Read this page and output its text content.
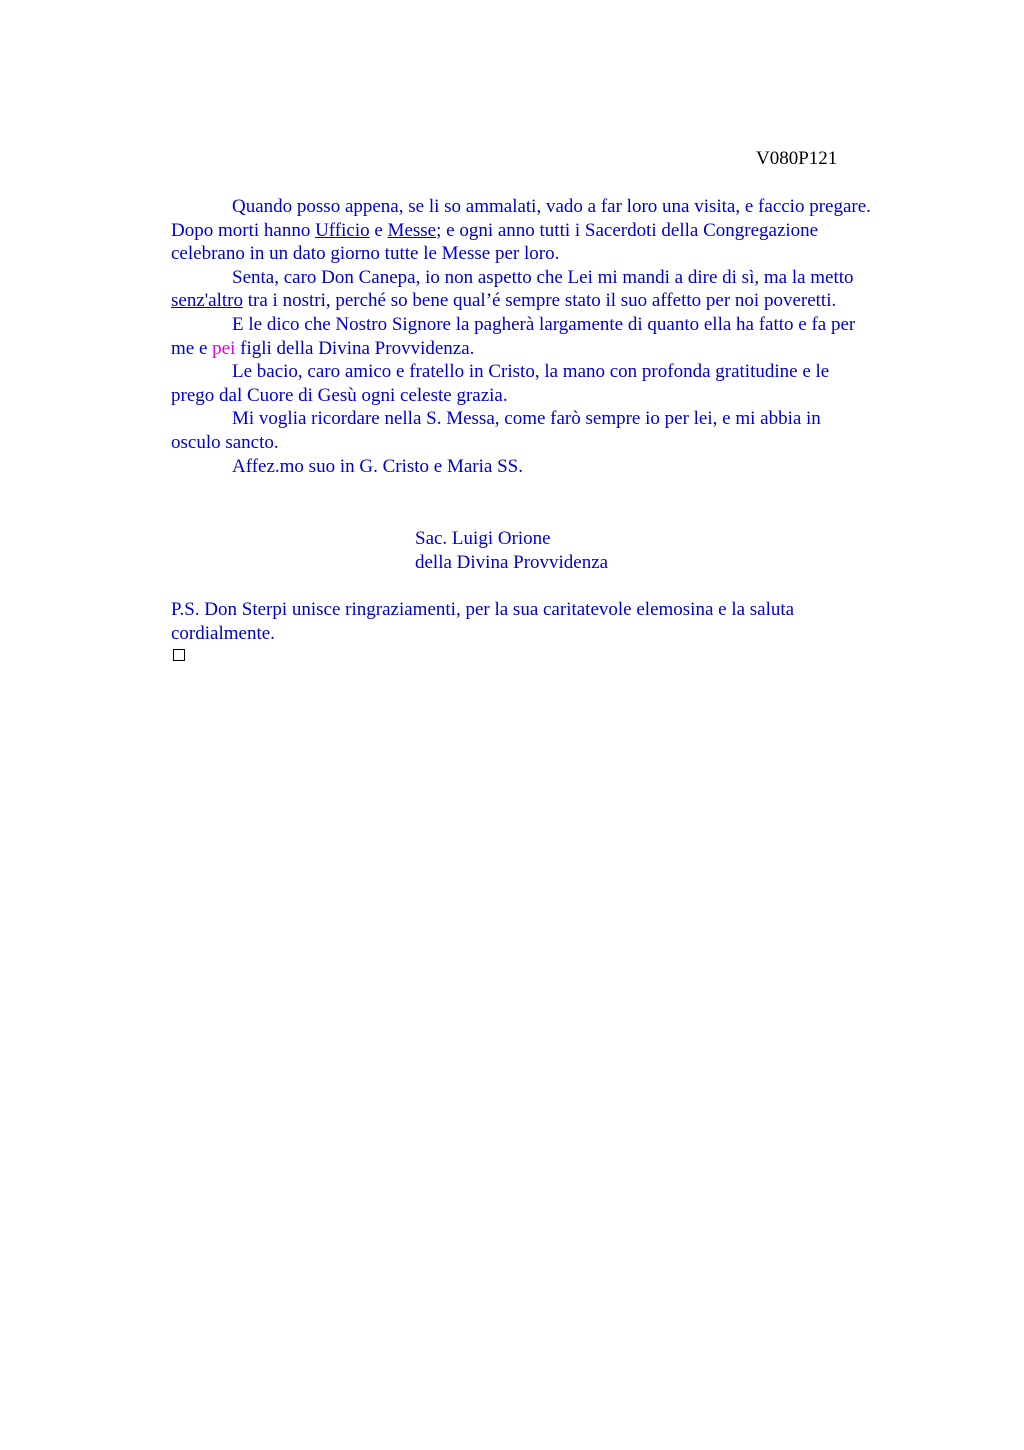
V080P121
Quando posso appena, se li so ammalati, vado a far loro una visita, e faccio pregare.
Dopo morti hanno Ufficio e Messe; e ogni anno tutti i Sacerdoti della Congregazione
celebrano in un dato giorno tutte le Messe per loro.
Senta, caro Don Canepa, io non aspetto che Lei mi mandi a dire di sì, ma la metto
senz'altro tra i nostri, perché so bene qual’é sempre stato il suo affetto per noi poveretti.
E le dico che Nostro Signore la pagherà largamente di quanto ella ha fatto e fa per
me e pei figli della Divina Provvidenza.
Le bacio, caro amico e fratello in Cristo, la mano con profonda gratitudine e le
prego dal Cuore di Gesù ogni celeste grazia.
Mi voglia ricordare nella S. Messa, come farò sempre io per lei, e mi abbia in
osculo sancto.
Affez.mo suo in G. Cristo e Maria SS.
Sac. Luigi Orione
della Divina Provvidenza
P.S. Don Sterpi unisce ringraziamenti, per la sua caritatevole elemosina e la saluta
cordialmente.
